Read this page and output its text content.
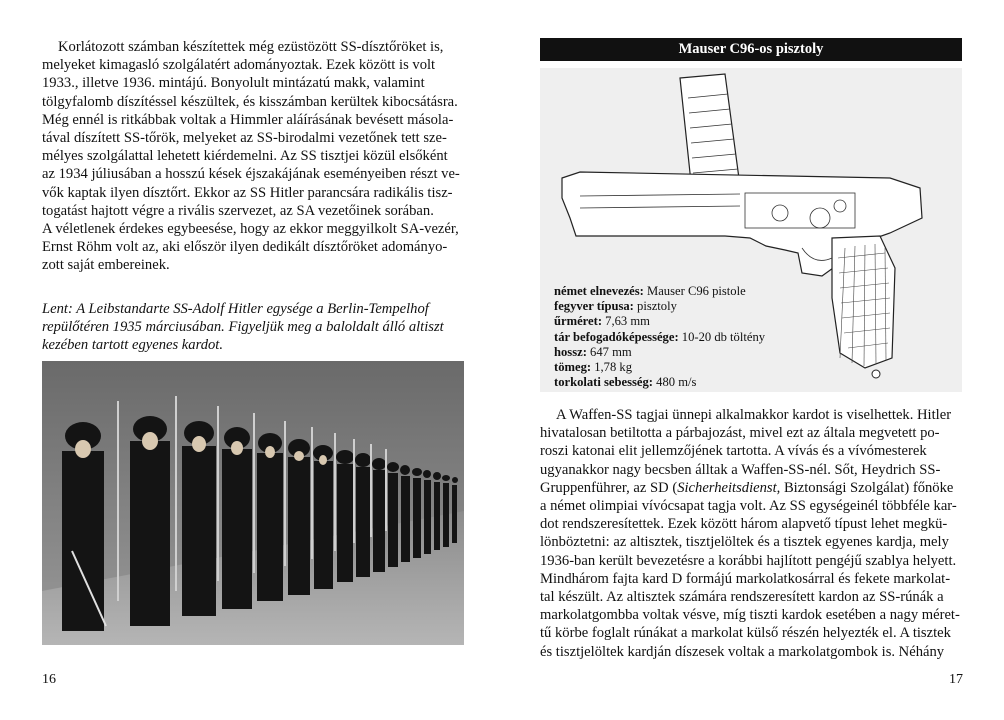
Korlátozott számban készítettek még ezüstözött SS-dísztőröket is,
melyeket kimagasló szolgálatért adományoztak. Ezek között is volt
1933., illetve 1936. mintájú. Bonyolult mintázatú makk, valamint
tölgyfalomb díszítéssel készültek, és kisszámban kerültek kibocsátásra.
Még ennél is ritkábbak voltak a Himmler aláírásának bevésett másola-
tával díszített SS-tőrök, melyeket az SS-birodalmi vezetőnek tett sze-
mélyes szolgálattal lehetett kiérdemelni. Az SS tisztjei közül elsőként
az 1934 júliusában a hosszú kések éjszakájának eseményeiben részt ve-
vők kaptak ilyen dísztőrt. Ekkor az SS Hitler parancsára radikális tisz-
togatást hajtott végre a rivális szervezet, az SA vezetőinek sorában.
A véletlenek érdekes egybeesése, hogy az ekkor meggyilkolt SA-vezér,
Ernst Röhm volt az, aki először ilyen dedikált dísztőröket adományo-
zott saját embereinek.
Lent: A Leibstandarte SS-Adolf Hitler egysége a Berlin-Tempelhof
repülőtéren 1935 márciusában. Figyeljük meg a baloldalt álló altiszt
kezében tartott egyenes kardot.
16
Mauser C96-os pisztoly
német elnevezés: Mauser C96 pistole
fegyver típusa: pisztoly
űrméret: 7,63 mm
tár befogadóképessége: 10-20 db töltény
hossz: 647 mm
tömeg: 1,78 kg
torkolati sebesség: 480 m/s
A Waffen-SS tagjai ünnepi alkalmakkor kardot is viselhettek. Hitler
hivatalosan betiltotta a párbajozást, mivel ezt az általa megvetett po-
roszi katonai elit jellemzőjének tartotta. A vívás és a vívómesterek
ugyanakkor nagy becsben álltak a Waffen-SS-nél. Sőt, Heydrich SS-
Gruppenführer, az SD (Sicherheitsdienst, Biztonsági Szolgálat) főnöke
a német olimpiai vívócsapat tagja volt. Az SS egységeinél többféle kar-
dot rendszeresítettek. Ezek között három alapvető típust lehet megkü-
lönböztetni: az altisztek, tisztjelöltek és a tisztek egyenes kardja, mely
1936-ban került bevezetésre a korábbi hajlított pengéjű szablya helyett.
Mindhárom fajta kard D formájú markolatkosárral és fekete markolat-
tal készült. Az altisztek számára rendszeresített kardon az SS-rúnák a
markolatgombba voltak vésve, míg tiszti kardok esetében a nagy méret-
tű körbe foglalt rúnákat a markolat külső részén helyezték el. A tisztek
és tisztjelöltek kardján díszesek voltak a markolatgombok is. Néhány
17
